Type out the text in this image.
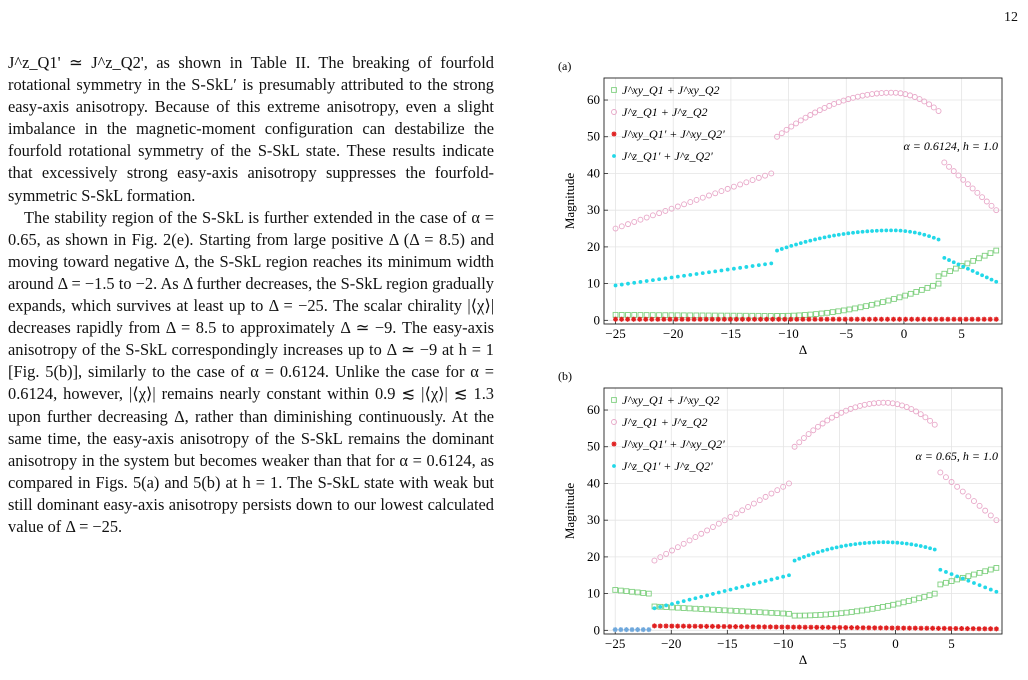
12

J^z_Q1' ≃ J^z_Q2', as shown in Table II. The breaking of fourfold rotational symmetry in the S-SkL′ is presumably attributed to the strong easy-axis anisotropy. Because of this extreme anisotropy, even a slight imbalance in the magnetic-moment configuration can destabilize the fourfold rotational symmetry of the S-SkL state. These results indicate that excessively strong easy-axis anisotropy suppresses the fourfold-symmetric S-SkL formation.

The stability region of the S-SkL is further extended in the case of α = 0.65, as shown in Fig. 2(e). Starting from large positive Δ (Δ = 8.5) and moving toward negative Δ, the S-SkL region reaches its minimum width around Δ = −1.5 to −2. As Δ further decreases, the S-SkL region gradually expands, which survives at least up to Δ = −25. The scalar chirality |⟨χ⟩| decreases rapidly from Δ = 8.5 to approximately Δ ≃ −9. The easy-axis anisotropy of the S-SkL correspondingly increases up to Δ ≃ −9 at h = 1 [Fig. 5(b)], similarly to the case of α = 0.6124. Unlike the case for α = 0.6124, however, |⟨χ⟩| remains nearly constant within 0.9 ≲ |⟨χ⟩| ≲ 1.3 upon further decreasing Δ, rather than diminishing continuously. At the same time, the easy-axis anisotropy of the S-SkL remains the dominant anisotropy in the system but becomes weaker than that for α = 0.6124, as compared in Figs. 5(a) and 5(b) at h = 1. The S-SkL state with weak but still dominant easy-axis anisotropy persists down to our lowest calculated value of Δ = −25.

(a)
−25	−20	−15	−10	−5	0	5
0
10
20
30
40
50
60
Δ
Magnitude
J^xy_Q1 + J^xy_Q2
J^z_Q1 + J^z_Q2
J^xy_Q1' + J^xy_Q2'
J^z_Q1' + J^z_Q2'
α = 0.6124, h = 1.0
(b)
−25	−20	−15	−10	−5	0	5
0
10
20
30
40
50
60
Δ
Magnitude
J^xy_Q1 + J^xy_Q2
J^z_Q1 + J^z_Q2
J^xy_Q1' + J^xy_Q2'
J^z_Q1' + J^z_Q2'
α = 0.65, h = 1.0
